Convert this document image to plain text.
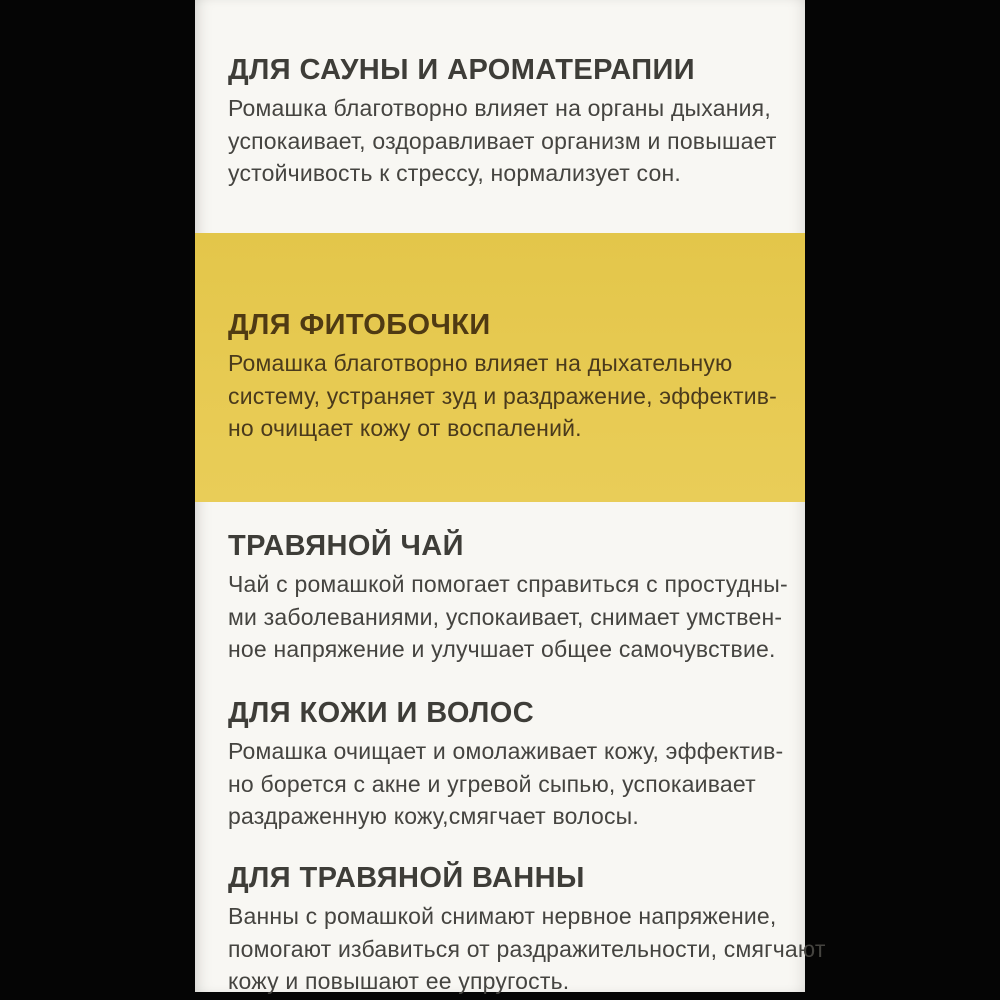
ДЛЯ САУНЫ И АРОМАТЕРАПИИ
Ромашка благотворно влияет на органы дыхания,
успокаивает, оздоравливает организм и повышает
устойчивость к стрессу, нормализует сон.
ДЛЯ ФИТОБОЧКИ
Ромашка благотворно влияет на дыхательную
систему, устраняет зуд и раздражение, эффектив-
но очищает кожу от воспалений.
ТРАВЯНОЙ ЧАЙ
Чай с ромашкой помогает справиться с простудны-
ми заболеваниями, успокаивает, снимает умствен-
ное напряжение и улучшает общее самочувствие.
ДЛЯ КОЖИ И ВОЛОС
Ромашка очищает и омолаживает кожу, эффектив-
но борется с акне и угревой сыпью, успокаивает
раздраженную кожу,смягчает волосы.
ДЛЯ ТРАВЯНОЙ ВАННЫ
Ванны с ромашкой снимают нервное напряжение,
помогают избавиться от раздражительности, смягчают
кожу и повышают ее упругость.
